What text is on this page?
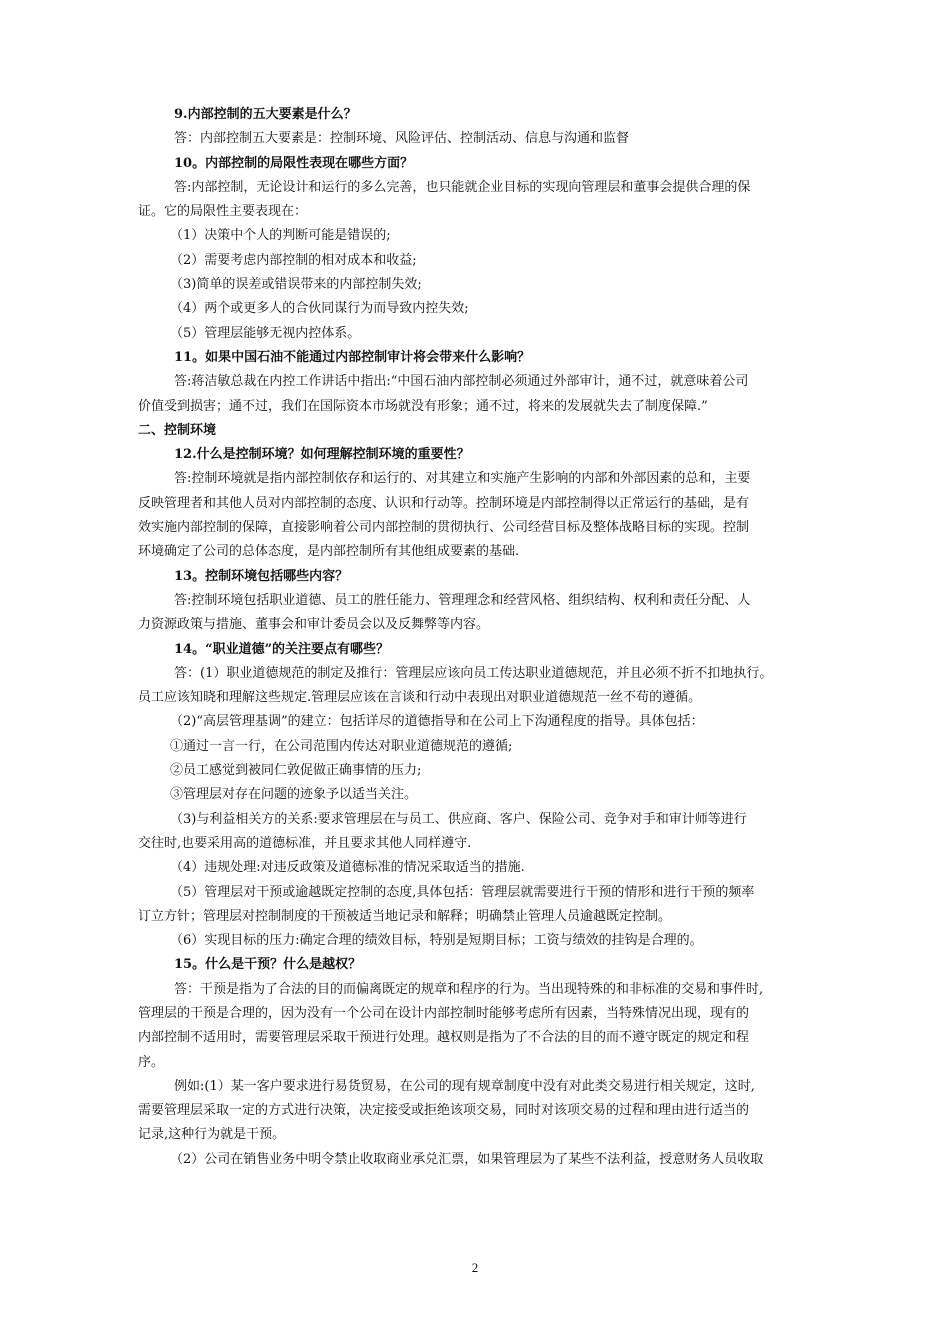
9.内部控制的五大要素是什么？
答：内部控制五大要素是：控制环境、风险评估、控制活动、信息与沟通和监督
10。内部控制的局限性表现在哪些方面？
答:内部控制，无论设计和运行的多么完善，也只能就企业目标的实现向管理层和董事会提供合理的保
证。它的局限性主要表现在：
（1）决策中个人的判断可能是错误的;
（2）需要考虑内部控制的相对成本和收益;
（3)简单的误差或错误带来的内部控制失效;
（4）两个或更多人的合伙同谋行为而导致内控失效;
（5）管理层能够无视内控体系。
11。如果中国石油不能通过内部控制审计将会带来什么影响？
答:蒋洁敏总裁在内控工作讲话中指出:“中国石油内部控制必须通过外部审计，通不过，就意味着公司
价值受到损害；通不过，我们在国际资本市场就没有形象；通不过，将来的发展就失去了制度保障.”
二、控制环境
12.什么是控制环境？如何理解控制环境的重要性？
答:控制环境就是指内部控制依存和运行的、对其建立和实施产生影响的内部和外部因素的总和，主要
反映管理者和其他人员对内部控制的态度、认识和行动等。控制环境是内部控制得以正常运行的基础，是有
效实施内部控制的保障，直接影响着公司内部控制的贯彻执行、公司经营目标及整体战略目标的实现。控制
环境确定了公司的总体态度，是内部控制所有其他组成要素的基础.
13。控制环境包括哪些内容？
答:控制环境包括职业道德、员工的胜任能力、管理理念和经营风格、组织结构、权利和责任分配、人
力资源政策与措施、董事会和审计委员会以及反舞弊等内容。
14。“职业道德”的关注要点有哪些？
答：(1）职业道德规范的制定及推行：管理层应该向员工传达职业道德规范，并且必须不折不扣地执行。
员工应该知晓和理解这些规定.管理层应该在言谈和行动中表现出对职业道德规范一丝不苟的遵循。
（2)“高层管理基调”的建立：包括详尽的道德指导和在公司上下沟通程度的指导。具体包括：
①通过一言一行，在公司范围内传达对职业道德规范的遵循;
②员工感觉到被同仁敦促做正确事情的压力;
③管理层对存在问题的迹象予以适当关注。
（3)与利益相关方的关系:要求管理层在与员工、供应商、客户、保险公司、竞争对手和审计师等进行
交往时,也要采用高的道德标准，并且要求其他人同样遵守.
（4）违规处理:对违反政策及道德标准的情况采取适当的措施.
（5）管理层对干预或逾越既定控制的态度,具体包括：管理层就需要进行干预的情形和进行干预的频率
订立方针；管理层对控制制度的干预被适当地记录和解释；明确禁止管理人员逾越既定控制。
（6）实现目标的压力:确定合理的绩效目标，特别是短期目标；工资与绩效的挂钩是合理的。
15。什么是干预？什么是越权？
答：干预是指为了合法的目的而偏离既定的规章和程序的行为。当出现特殊的和非标准的交易和事件时,
管理层的干预是合理的，因为没有一个公司在设计内部控制时能够考虑所有因素，当特殊情况出现，现有的
内部控制不适用时，需要管理层采取干预进行处理。越权则是指为了不合法的目的而不遵守既定的规定和程
序。
例如:(1）某一客户要求进行易货贸易，在公司的现有规章制度中没有对此类交易进行相关规定，这时,
需要管理层采取一定的方式进行决策，决定接受或拒绝该项交易，同时对该项交易的过程和理由进行适当的
记录,这种行为就是干预。
（2）公司在销售业务中明令禁止收取商业承兑汇票，如果管理层为了某些不法利益，授意财务人员收取
2
